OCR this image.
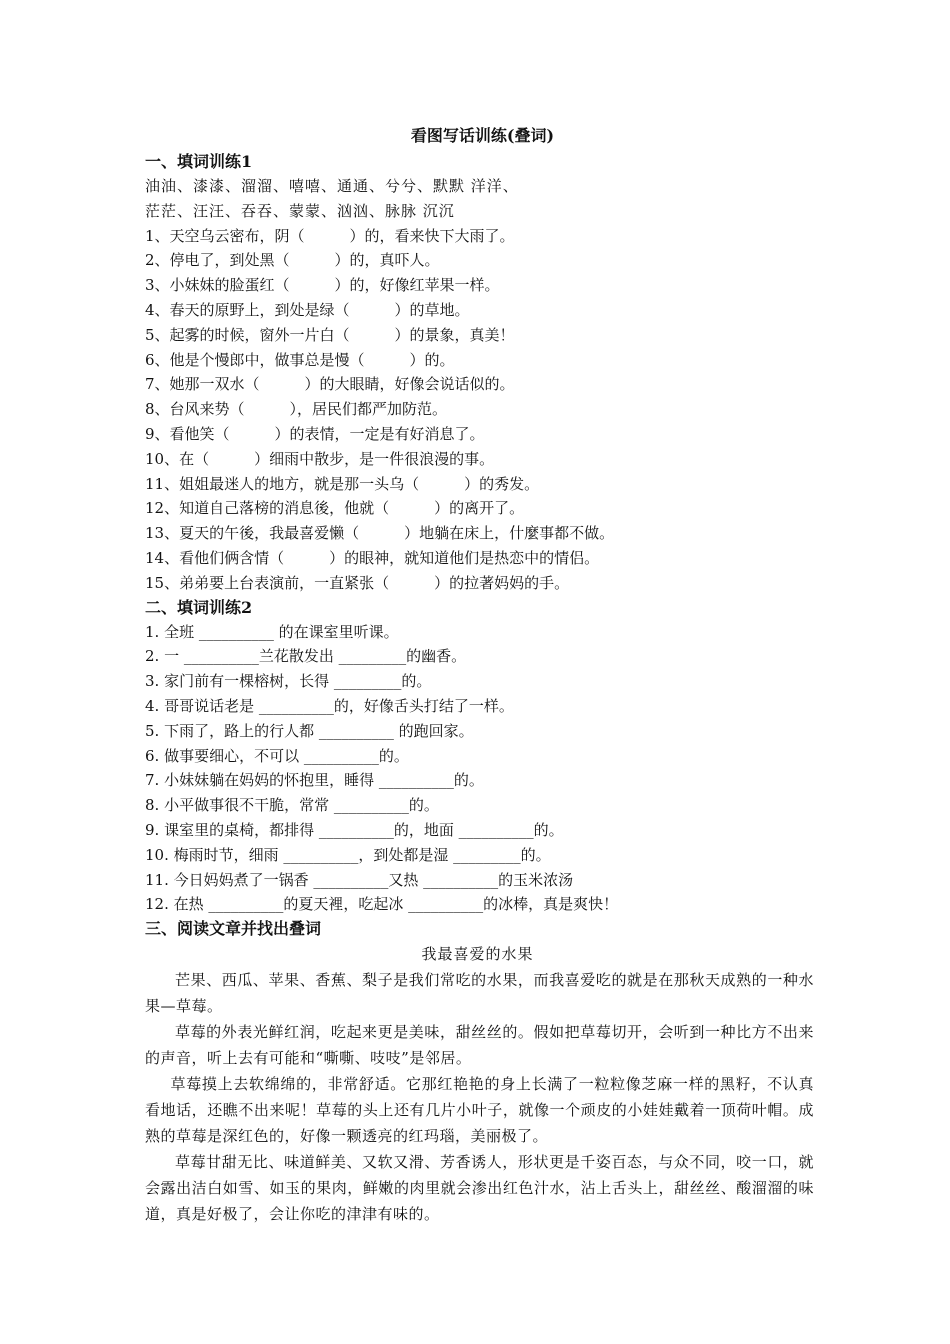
看图写话训练(叠词)
一、填词训练1
油油、漆漆、溜溜、嘻嘻、通通、兮兮、默默 洋洋、
茫茫、汪汪、吞吞、蒙蒙、汹汹、脉脉 沉沉
1、天空乌云密布，阴（　　　）的，看来快下大雨了。
2、停电了，到处黑（　　　）的，真吓人。
3、小妹妹的脸蛋红（　　　）的，好像红苹果一样。
4、春天的原野上，到处是绿（　　　）的草地。
5、起雾的时候，窗外一片白（　　　）的景象，真美！
6、他是个慢郎中，做事总是慢（　　　）的。
7、她那一双水（　　　）的大眼睛，好像会说话似的。
8、台风来势（　　　），居民们都严加防范。
9、看他笑（　　　）的表情，一定是有好消息了。
10、在（　　　）细雨中散步，是一件很浪漫的事。
11、姐姐最迷人的地方，就是那一头乌（　　　）的秀发。
12、知道自己落榜的消息後，他就（　　　）的离开了。
13、夏天的午後，我最喜爱懒（　　　）地躺在床上，什麼事都不做。
14、看他们俩含情（　　　）的眼神，就知道他们是热恋中的情侣。
15、弟弟要上台表演前，一直紧张（　　　）的拉著妈妈的手。
二、填词训练2
1. 全班 __________ 的在课室里听课。
2. 一 __________兰花散发出 _________的幽香。
3. 家门前有一棵榕树，长得 _________的。
4. 哥哥说话老是 __________的，好像舌头打结了一样。
5. 下雨了，路上的行人都 __________ 的跑回家。
6. 做事要细心，不可以 __________的。
7. 小妹妹躺在妈妈的怀抱里，睡得 __________的。
8. 小平做事很不干脆，常常 __________的。
9. 课室里的桌椅，都排得 __________的，地面 __________的。
10. 梅雨时节，细雨 __________，到处都是湿 _________的。
11. 今日妈妈煮了一锅香 __________又热 __________的玉米浓汤
12. 在热 __________的夏天裡，吃起冰 __________的冰棒，真是爽快！
三、阅读文章并找出叠词
我最喜爱的水果
芒果、西瓜、苹果、香蕉、梨子是我们常吃的水果，而我喜爱吃的就是在那秋天成熟的一种水果—草莓。
草莓的外表光鲜红润，吃起来更是美味，甜丝丝的。假如把草莓切开，会听到一种比方不出来的声音，听上去有可能和“嘶嘶、吱吱”是邻居。
草莓摸上去软绵绵的，非常舒适。它那红艳艳的身上长满了一粒粒像芝麻一样的黑籽，不认真看地话，还瞧不出来呢！草莓的头上还有几片小叶子，就像一个顽皮的小娃娃戴着一顶荷叶帽。成熟的草莓是深红色的，好像一颗透亮的红玛瑙，美丽极了。
草莓甘甜无比、味道鲜美、又软又滑、芳香诱人，形状更是千姿百态，与众不同，咬一口，就会露出洁白如雪、如玉的果肉，鲜嫩的肉里就会渗出红色汁水，沾上舌头上，甜丝丝、酸溜溜的味道，真是好极了，会让你吃的津津有味的。
